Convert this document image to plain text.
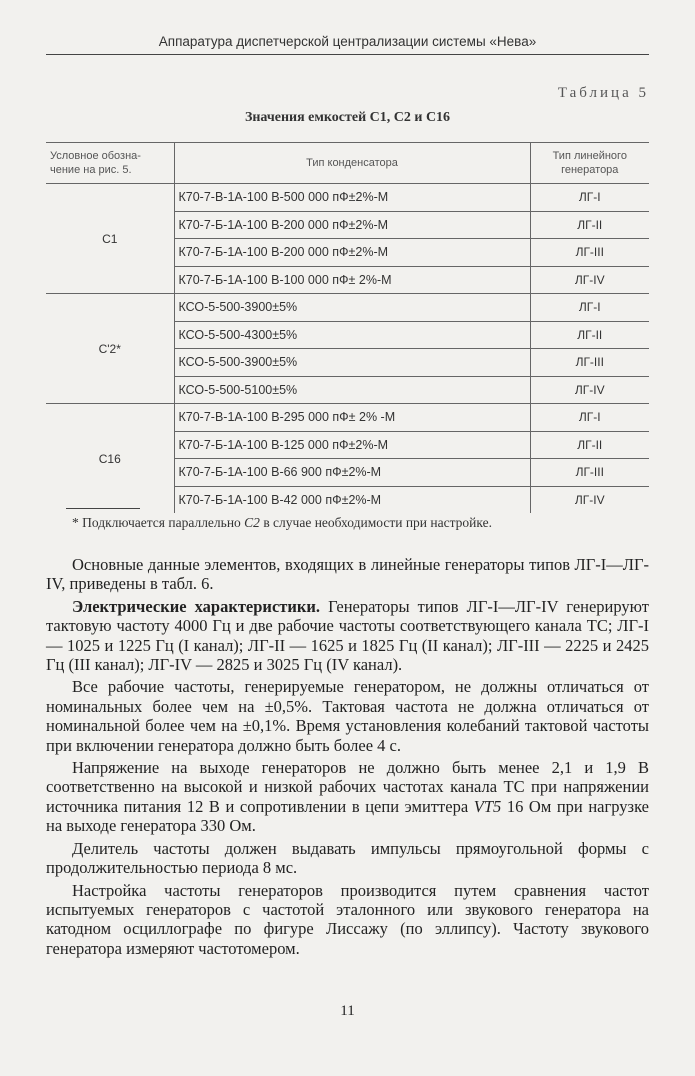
Аппаратура диспетчерской централизации системы «Нева»
Таблица 5
Значения емкостей С1, С2 и С16
Условное обозна-чение на рис. 5.	Тип конденсатора	Тип линейного генератора
С1	К70-7-В-1А-100 В-500 000 пФ±2%-М	ЛГ-I
	К70-7-Б-1А-100 В-200 000 пФ±2%-М	ЛГ-II
	К70-7-Б-1А-100 В-200 000 пФ±2%-М	ЛГ-III
	К70-7-Б-1А-100 В-100 000 пФ± 2%-М	ЛГ-IV
С'2*	КСО-5-500-3900±5%	ЛГ-I
	КСО-5-500-4300±5%	ЛГ-II
	КСО-5-500-3900±5%	ЛГ-III
	КСО-5-500-5100±5%	ЛГ-IV
С16	К70-7-В-1А-100 В-295 000 пФ± 2% -М	ЛГ-I
	К70-7-Б-1А-100 В-125 000 пФ±2%-М	ЛГ-II
	К70-7-Б-1А-100 В-66 900 пФ±2%-М	ЛГ-III
	К70-7-Б-1А-100 В-42 000 пФ±2%-М	ЛГ-IV
* Подключается параллельно С2 в случае необходимости при настройке.

Основные данные элементов, входящих в линейные генераторы типов ЛГ-I—ЛГ-IV, приведены в табл. 6.

Электрические характеристики. Генераторы типов ЛГ-I—ЛГ-IV генерируют тактовую частоту 4000 Гц и две рабочие частоты соответствующего канала ТС; ЛГ-I — 1025 и 1225 Гц (I канал); ЛГ-II — 1625 и 1825 Гц (II канал); ЛГ-III — 2225 и 2425 Гц (III канал); ЛГ-IV — 2825 и 3025 Гц (IV канал).

Все рабочие частоты, генерируемые генератором, не должны отличаться от номинальных более чем на ±0,5%. Тактовая частота не должна отличаться от номинальной более чем на ±0,1%. Время установления колебаний тактовой частоты при включении генератора должно быть более 4 с.

Напряжение на выходе генераторов не должно быть менее 2,1 и 1,9 В соответственно на высокой и низкой рабочих частотах канала ТС при напряжении источника питания 12 В и сопротивлении в цепи эмиттера VT5 16 Ом при нагрузке на выходе генератора 330 Ом.

Делитель частоты должен выдавать импульсы прямоугольной формы с продолжительностью периода 8 мс.

Настройка частоты генераторов производится путем сравнения частот испытуемых генераторов с частотой эталонного или звукового генератора на катодном осциллографе по фигуре Лиссажу (по эллипсу). Частоту звукового генератора измеряют частотомером.

11
